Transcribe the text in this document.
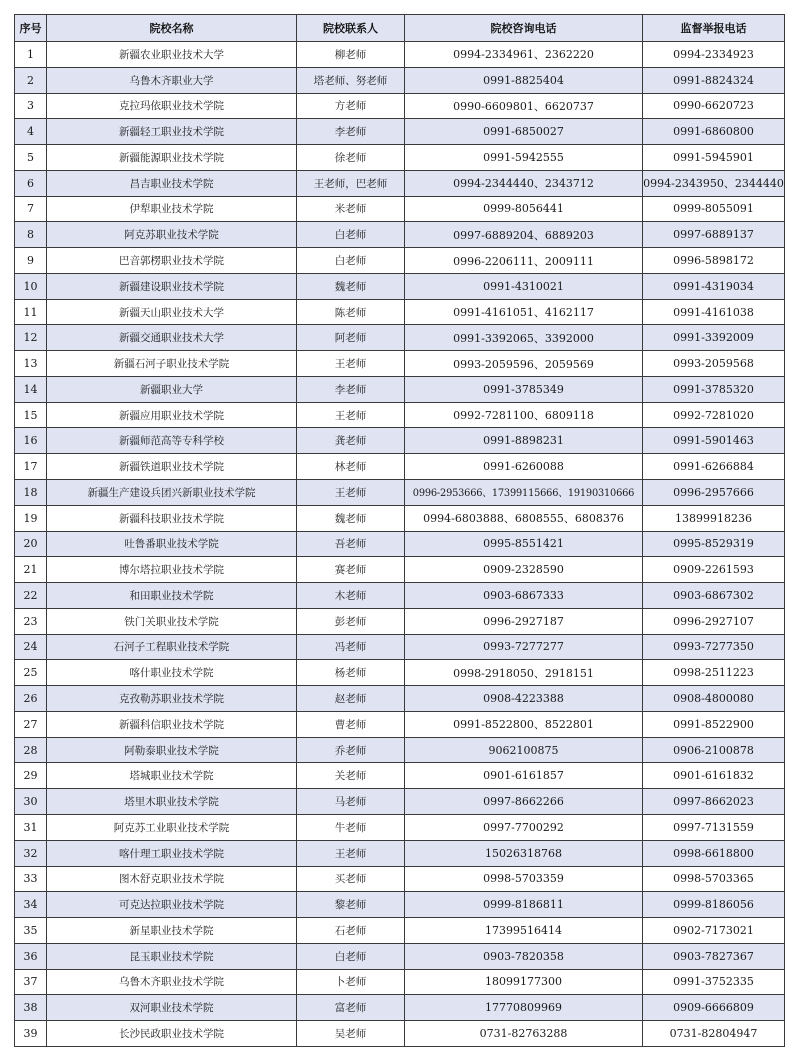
序号	院校名称	院校联系人	院校咨询电话	监督举报电话
1	新疆农业职业技术大学	柳老师	0994-2334961、2362220	0994-2334923
2	乌鲁木齐职业大学	塔老师、努老师	0991-8825404	0991-8824324
3	克拉玛依职业技术学院	方老师	0990-6609801、6620737	0990-6620723
4	新疆轻工职业技术学院	李老师	0991-6850027	0991-6860800
5	新疆能源职业技术学院	徐老师	0991-5942555	0991-5945901
6	昌吉职业技术学院	王老师，巴老师	0994-2344440、2343712	0994-2343950、2344440
7	伊犁职业技术学院	米老师	0999-8056441	0999-8055091
8	阿克苏职业技术学院	白老师	0997-6889204、6889203	0997-6889137
9	巴音郭楞职业技术学院	白老师	0996-2206111、2009111	0996-5898172
10	新疆建设职业技术学院	魏老师	0991-4310021	0991-4319034
11	新疆天山职业技术大学	陈老师	0991-4161051、4162117	0991-4161038
12	新疆交通职业技术大学	阿老师	0991-3392065、3392000	0991-3392009
13	新疆石河子职业技术学院	王老师	0993-2059596、2059569	0993-2059568
14	新疆职业大学	李老师	0991-3785349	0991-3785320
15	新疆应用职业技术学院	王老师	0992-7281100、6809118	0992-7281020
16	新疆师范高等专科学校	龚老师	0991-8898231	0991-5901463
17	新疆铁道职业技术学院	林老师	0991-6260088	0991-6266884
18	新疆生产建设兵团兴新职业技术学院	王老师	0996-2953666、17399115666、19190310666	0996-2957666
19	新疆科技职业技术学院	魏老师	0994-6803888、6808555、6808376	13899918236
20	吐鲁番职业技术学院	吾老师	0995-8551421	0995-8529319
21	博尔塔拉职业技术学院	赛老师	0909-2328590	0909-2261593
22	和田职业技术学院	木老师	0903-6867333	0903-6867302
23	铁门关职业技术学院	彭老师	0996-2927187	0996-2927107
24	石河子工程职业技术学院	冯老师	0993-7277277	0993-7277350
25	喀什职业技术学院	杨老师	0998-2918050、2918151	0998-2511223
26	克孜勒苏职业技术学院	赵老师	0908-4223388	0908-4800080
27	新疆科信职业技术学院	曹老师	0991-8522800、8522801	0991-8522900
28	阿勒泰职业技术学院	乔老师	9062100875	0906-2100878
29	塔城职业技术学院	关老师	0901-6161857	0901-6161832
30	塔里木职业技术学院	马老师	0997-8662266	0997-8662023
31	阿克苏工业职业技术学院	牛老师	0997-7700292	0997-7131559
32	喀什理工职业技术学院	王老师	15026318768	0998-6618800
33	图木舒克职业技术学院	买老师	0998-5703359	0998-5703365
34	可克达拉职业技术学院	黎老师	0999-8186811	0999-8186056
35	新星职业技术学院	石老师	17399516414	0902-7173021
36	昆玉职业技术学院	白老师	0903-7820358	0903-7827367
37	乌鲁木齐职业技术学院	卜老师	18099177300	0991-3752335
38	双河职业技术学院	富老师	17770809969	0909-6666809
39	长沙民政职业技术学院	吴老师	0731-82763288	0731-82804947
